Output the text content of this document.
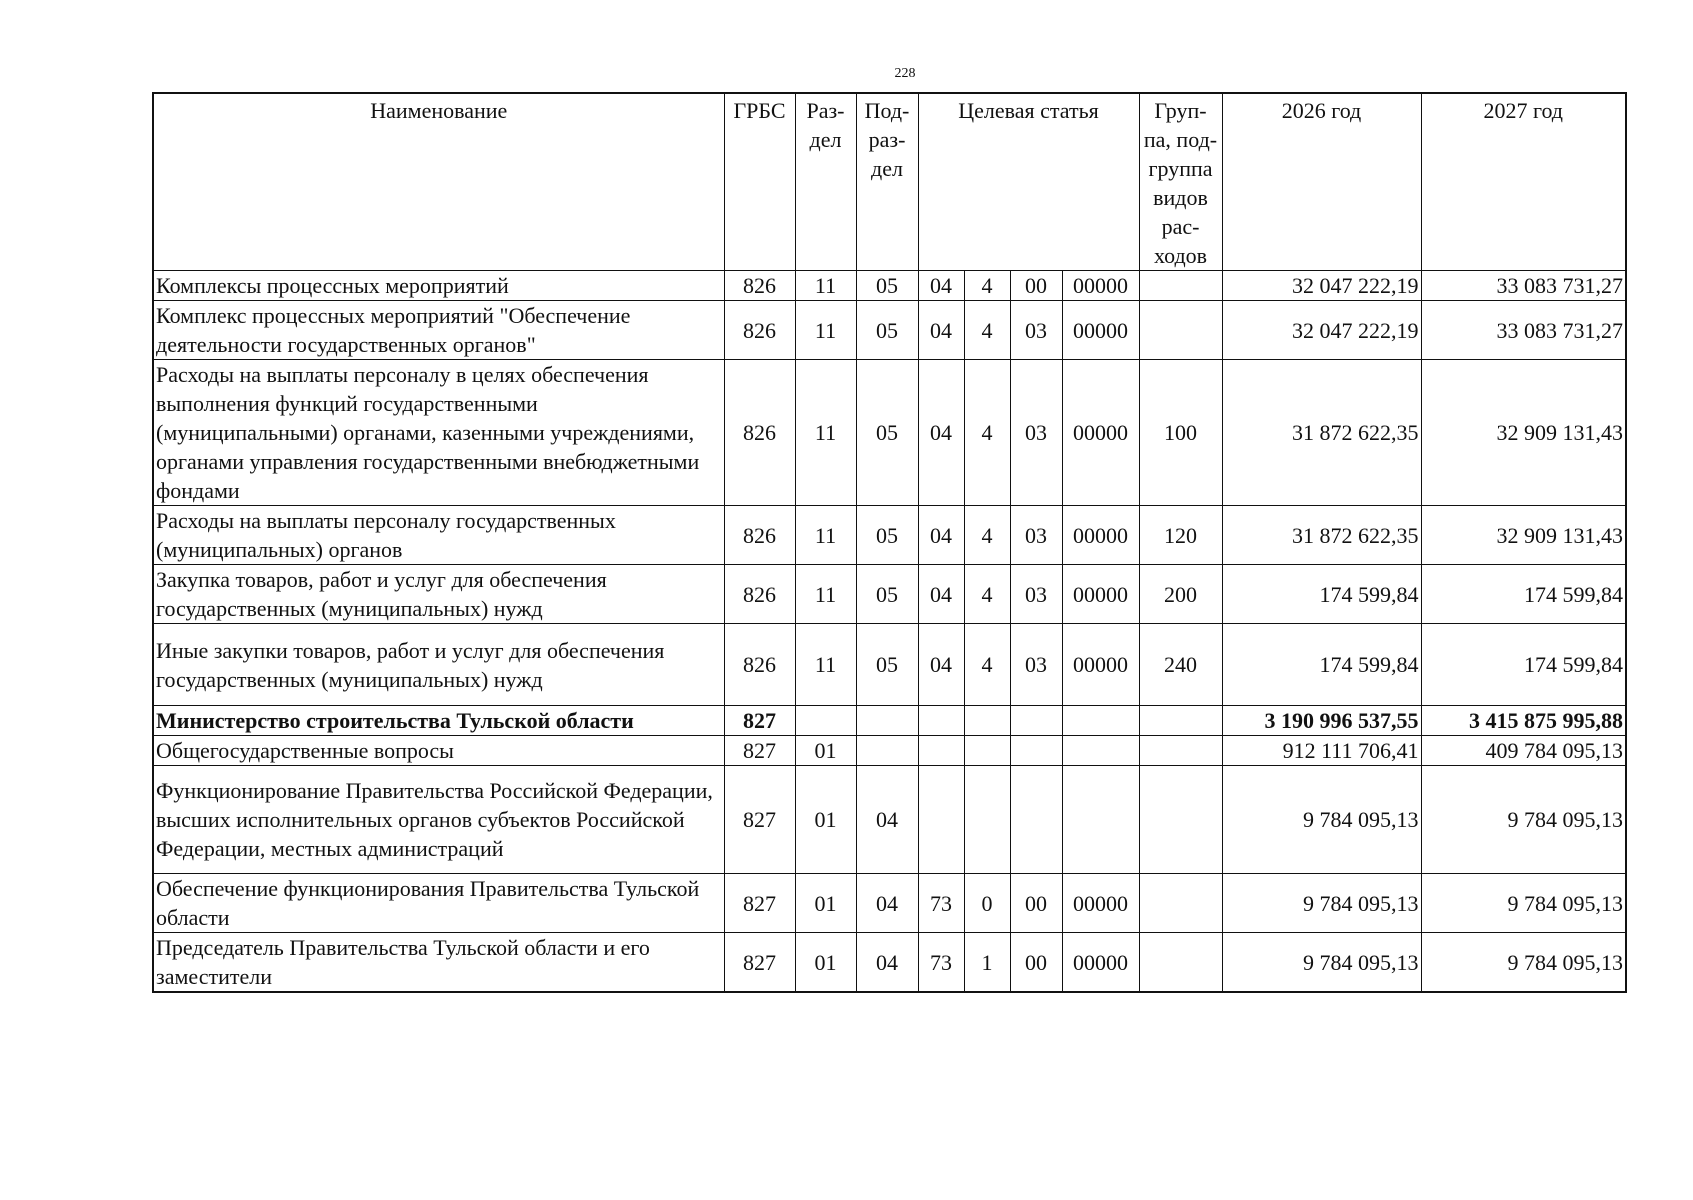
228
Наименование	ГРБС	Раз-дел	Под-раз-дел	Целевая статья				Груп-па, под-группа видов рас-ходов	2026 год	2027 год
Комплексы процессных мероприятий	826	11	05	04	4	00	00000		32 047 222,19	33 083 731,27
Комплекс процессных мероприятий "Обеспечение деятельности государственных органов"	826	11	05	04	4	03	00000		32 047 222,19	33 083 731,27
Расходы на выплаты персоналу в целях обеспечения выполнения функций государственными (муниципальными) органами, казенными учреждениями, органами управления государственными внебюджетными фондами	826	11	05	04	4	03	00000	100	31 872 622,35	32 909 131,43
Расходы на выплаты персоналу государственных (муниципальных) органов	826	11	05	04	4	03	00000	120	31 872 622,35	32 909 131,43
Закупка товаров, работ и услуг для обеспечения государственных (муниципальных) нужд	826	11	05	04	4	03	00000	200	174 599,84	174 599,84
Иные закупки товаров, работ и услуг для обеспечения государственных (муниципальных) нужд	826	11	05	04	4	03	00000	240	174 599,84	174 599,84
Министерство строительства Тульской области	827								3 190 996 537,55	3 415 875 995,88
Общегосударственные вопросы	827	01							912 111 706,41	409 784 095,13
Функционирование Правительства Российской Федерации, высших исполнительных органов субъектов Российской Федерации, местных администраций	827	01	04						9 784 095,13	9 784 095,13
Обеспечение функционирования Правительства Тульской области	827	01	04	73	0	00	00000		9 784 095,13	9 784 095,13
Председатель Правительства Тульской области и его заместители	827	01	04	73	1	00	00000		9 784 095,13	9 784 095,13
